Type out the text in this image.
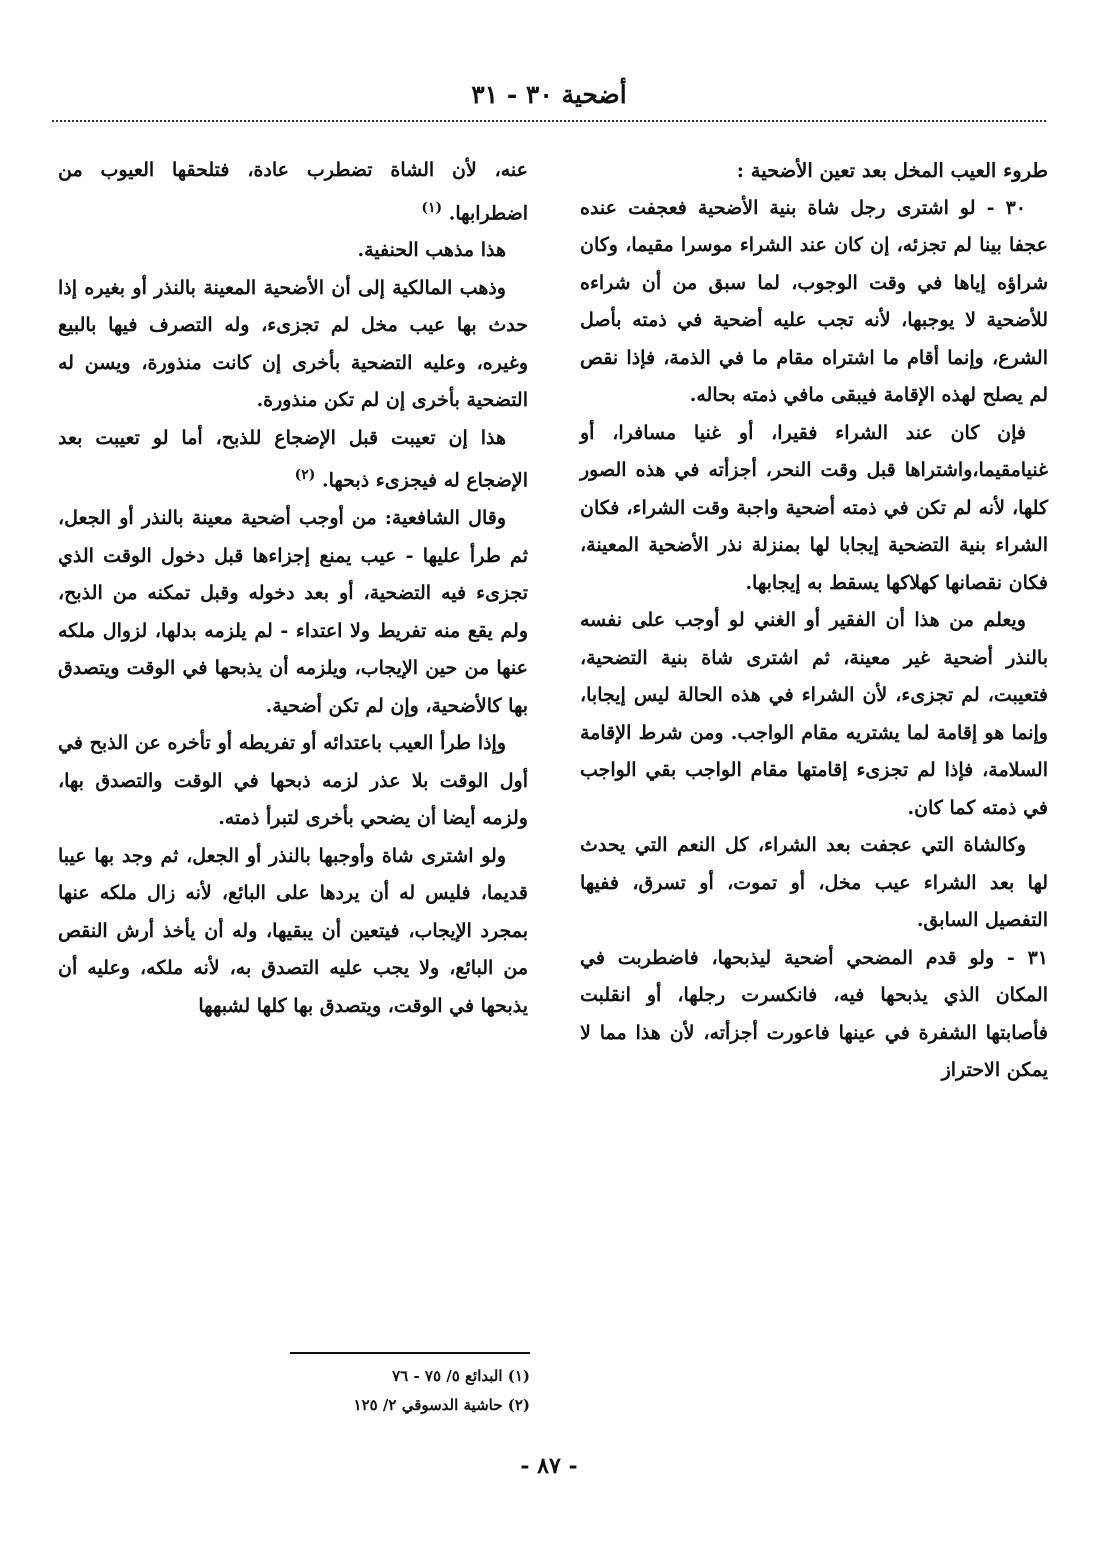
أضحية ٣٠ - ٣١

طروء العيب المخل بعد تعين الأضحية :

٣٠ - لو اشترى رجل شاة بنية الأضحية فعجفت عنده عجفا بينا لم تجزئه، إن كان عند الشراء موسرا مقيما، وكان شراؤه إياها في وقت الوجوب، لما سبق من أن شراءه للأضحية لا يوجبها، لأنه تجب عليه أضحية في ذمته بأصل الشرع، وإنما أقام ما اشتراه مقام ما في الذمة، فإذا نقص لم يصلح لهذه الإقامة فيبقى مافي ذمته بحاله.

فإن كان عند الشراء فقيرا، أو غنيا مسافرا، أو غنيامقيما،واشتراها قبل وقت النحر، أجزأته في هذه الصور كلها، لأنه لم تكن في ذمته أضحية واجبة وقت الشراء، فكان الشراء بنية التضحية إيجابا لها بمنزلة نذر الأضحية المعينة، فكان نقصانها كهلاكها يسقط به إيجابها.

ويعلم من هذا أن الفقير أو الغني لو أوجب على نفسه بالنذر أضحية غير معينة، ثم اشترى شاة بنية التضحية، فتعيبت، لم تجزىء، لأن الشراء في هذه الحالة ليس إيجابا، وإنما هو إقامة لما يشتريه مقام الواجب. ومن شرط الإقامة السلامة، فإذا لم تجزىء إقامتها مقام الواجب بقي الواجب في ذمته كما كان.

وكالشاة التي عجفت بعد الشراء، كل النعم التي يحدث لها بعد الشراء عيب مخل، أو تموت، أو تسرق، ففيها التفصيل السابق.

٣١ - ولو قدم المضحي أضحية ليذبحها، فاضطربت في المكان الذي يذبحها فيه، فانكسرت رجلها، أو انقلبت فأصابتها الشفرة في عينها فاعورت أجزأته، لأن هذا مما لا يمكن الاحتراز

عنه، لأن الشاة تضطرب عادة، فتلحقها العيوب من اضطرابها. $^{(١)}$

هذا مذهب الحنفية.

وذهب المالكية إلى أن الأضحية المعينة بالنذر أو بغيره إذا حدث بها عيب مخل لم تجزىء، وله التصرف فيها بالبيع وغيره، وعليه التضحية بأخرى إن كانت منذورة، ويسن له التضحية بأخرى إن لم تكن منذورة.

هذا إن تعيبت قبل الإضجاع للذبح، أما لو تعيبت بعد الإضجاع له فيجزىء ذبحها. $^{(٢)}$

وقال الشافعية: من أوجب أضحية معينة بالنذر أو الجعل، ثم طرأ عليها - عيب يمنع إجزاءها قبل دخول الوقت الذي تجزىء فيه التضحية، أو بعد دخوله وقبل تمكنه من الذبح، ولم يقع منه تفريط ولا اعتداء - لم يلزمه بدلها، لزوال ملكه عنها من حين الإيجاب، ويلزمه أن يذبحها في الوقت ويتصدق بها كالأضحية، وإن لم تكن أضحية.

وإذا طرأ العيب باعتدائه أو تفريطه أو تأخره عن الذبح في أول الوقت بلا عذر لزمه ذبحها في الوقت والتصدق بها، ولزمه أيضا أن يضحي بأخرى لتبرأ ذمته.

ولو اشترى شاة وأوجبها بالنذر أو الجعل، ثم وجد بها عيبا قديما، فليس له أن يردها على البائع، لأنه زال ملكه عنها بمجرد الإيجاب، فيتعين أن يبقيها، وله أن يأخذ أرش النقص من البائع، ولا يجب عليه التصدق به، لأنه ملكه، وعليه أن يذبحها في الوقت، ويتصدق بها كلها لشبهها

(١) البدائع ٥/ ٧٥ - ٧٦
(٢) حاشية الدسوقي ٢/ ١٢٥
- ٨٧ -
